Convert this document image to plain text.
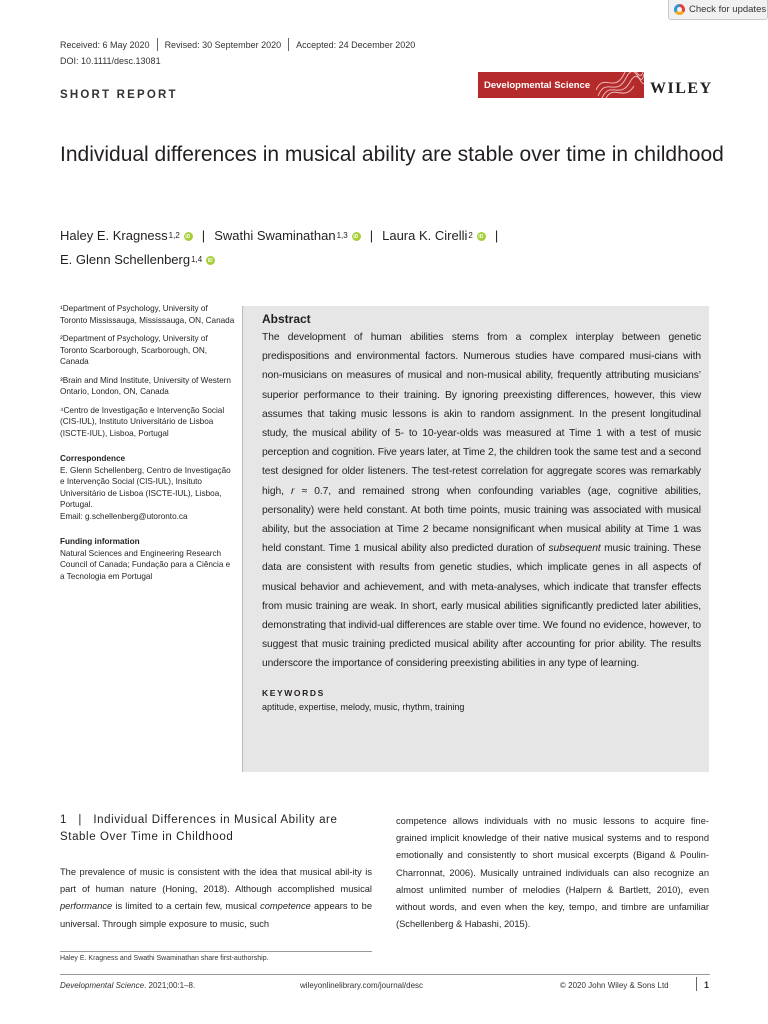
Check for updates
Received: 6 May 2020 Revised: 30 September 2020 Accepted: 24 December 2020
DOI: 10.1111/desc.13081
SHORT REPORT
Developmental Science	WILEY
Individual differences in musical ability are stable over time in childhood
Haley E. Kragness 1,2 iD | Swathi Swaminathan 1,3 iD | Laura K. Cirelli 2 iD |
E. Glenn Schellenberg 1,4
iD

¹Department of Psychology, University of Toronto Mississauga, Mississauga, ON, Canada

²Department of Psychology, University of Toronto Scarborough, Scarborough, ON, Canada

³Brain and Mind Institute, University of Western Ontario, London, ON, Canada

⁴Centro de Investigação e Intervenção Social (CIS-IUL), Instituto Universitário de Lisboa (ISCTE-IUL), Lisboa, Portugal

Correspondence

E. Glenn Schellenberg, Centro de Investigação e Intervenção Social (CIS-IUL), Insituto Universitário de Lisboa (ISCTE-IUL), Lisboa, Portugal.

Email: g.schellenberg@utoronto.ca

Funding information

Natural Sciences and Engineering Research Council of Canada; Fundação para a Ciência e a Tecnologia em Portugal

Abstract

The development of human abilities stems from a complex interplay between genetic predispositions and environmental factors. Numerous studies have compared musi-cians with non-musicians on measures of musical and non-musical ability, frequently attributing musicians’ superior performance to their training. By ignoring preexisting differences, however, this view assumes that taking music lessons is akin to random assignment. In the present longitudinal study, the musical ability of 5- to 10-year-olds was measured at Time 1 with a test of music perception and cognition. Five years later, at Time 2, the children took the same test and a second test designed for older listeners. The test-retest correlation for aggregate scores was remarkably high, r ≈ 0.7, and remained strong when confounding variables (age, cognitive abilities, personality) were held constant. At both time points, music training was associated with musical ability, but the association at Time 2 became nonsignificant when musical ability at Time 1 was held constant. Time 1 musical ability also predicted duration of subsequent music training. These data are consistent with results from genetic studies, which implicate genes in all aspects of musical behavior and achievement, and with meta-analyses, which indicate that transfer effects from music training are weak. In short, early musical abilities significantly predicted later abilities, demonstrating that individ-ual differences are stable over time. We found no evidence, however, to suggest that music training predicted musical ability after accounting for prior ability. The results underscore the importance of considering preexisting abilities in any type of learning.

KEYWORDS
aptitude, expertise, melody, music, rhythm, training
1 | Individual Differences in Musical Ability are Stable Over Time in Childhood

The prevalence of music is consistent with the idea that musical abil-ity is part of human nature (Honing, 2018). Although accomplished musical performance is limited to a certain few, musical competence appears to be universal. Through simple exposure to music, such

competence allows individuals with no music lessons to acquire fine-grained implicit knowledge of their native musical systems and to respond emotionally and consistently to short musical excerpts (Bigand & Poulin-Charronnat, 2006). Musically untrained individuals can also recognize an almost unlimited number of melodies (Halpern & Bartlett, 2010), even without words, and even when the key, tempo, and timbre are unfamiliar (Schellenberg & Habashi, 2015).

Haley E. Kragness and Swathi Swaminathan share first-authorship.
Developmental Science. 2021;00:1–8.	wileyonlinelibrary.com/journal/desc	© 2020 John Wiley & Sons Ltd	1
